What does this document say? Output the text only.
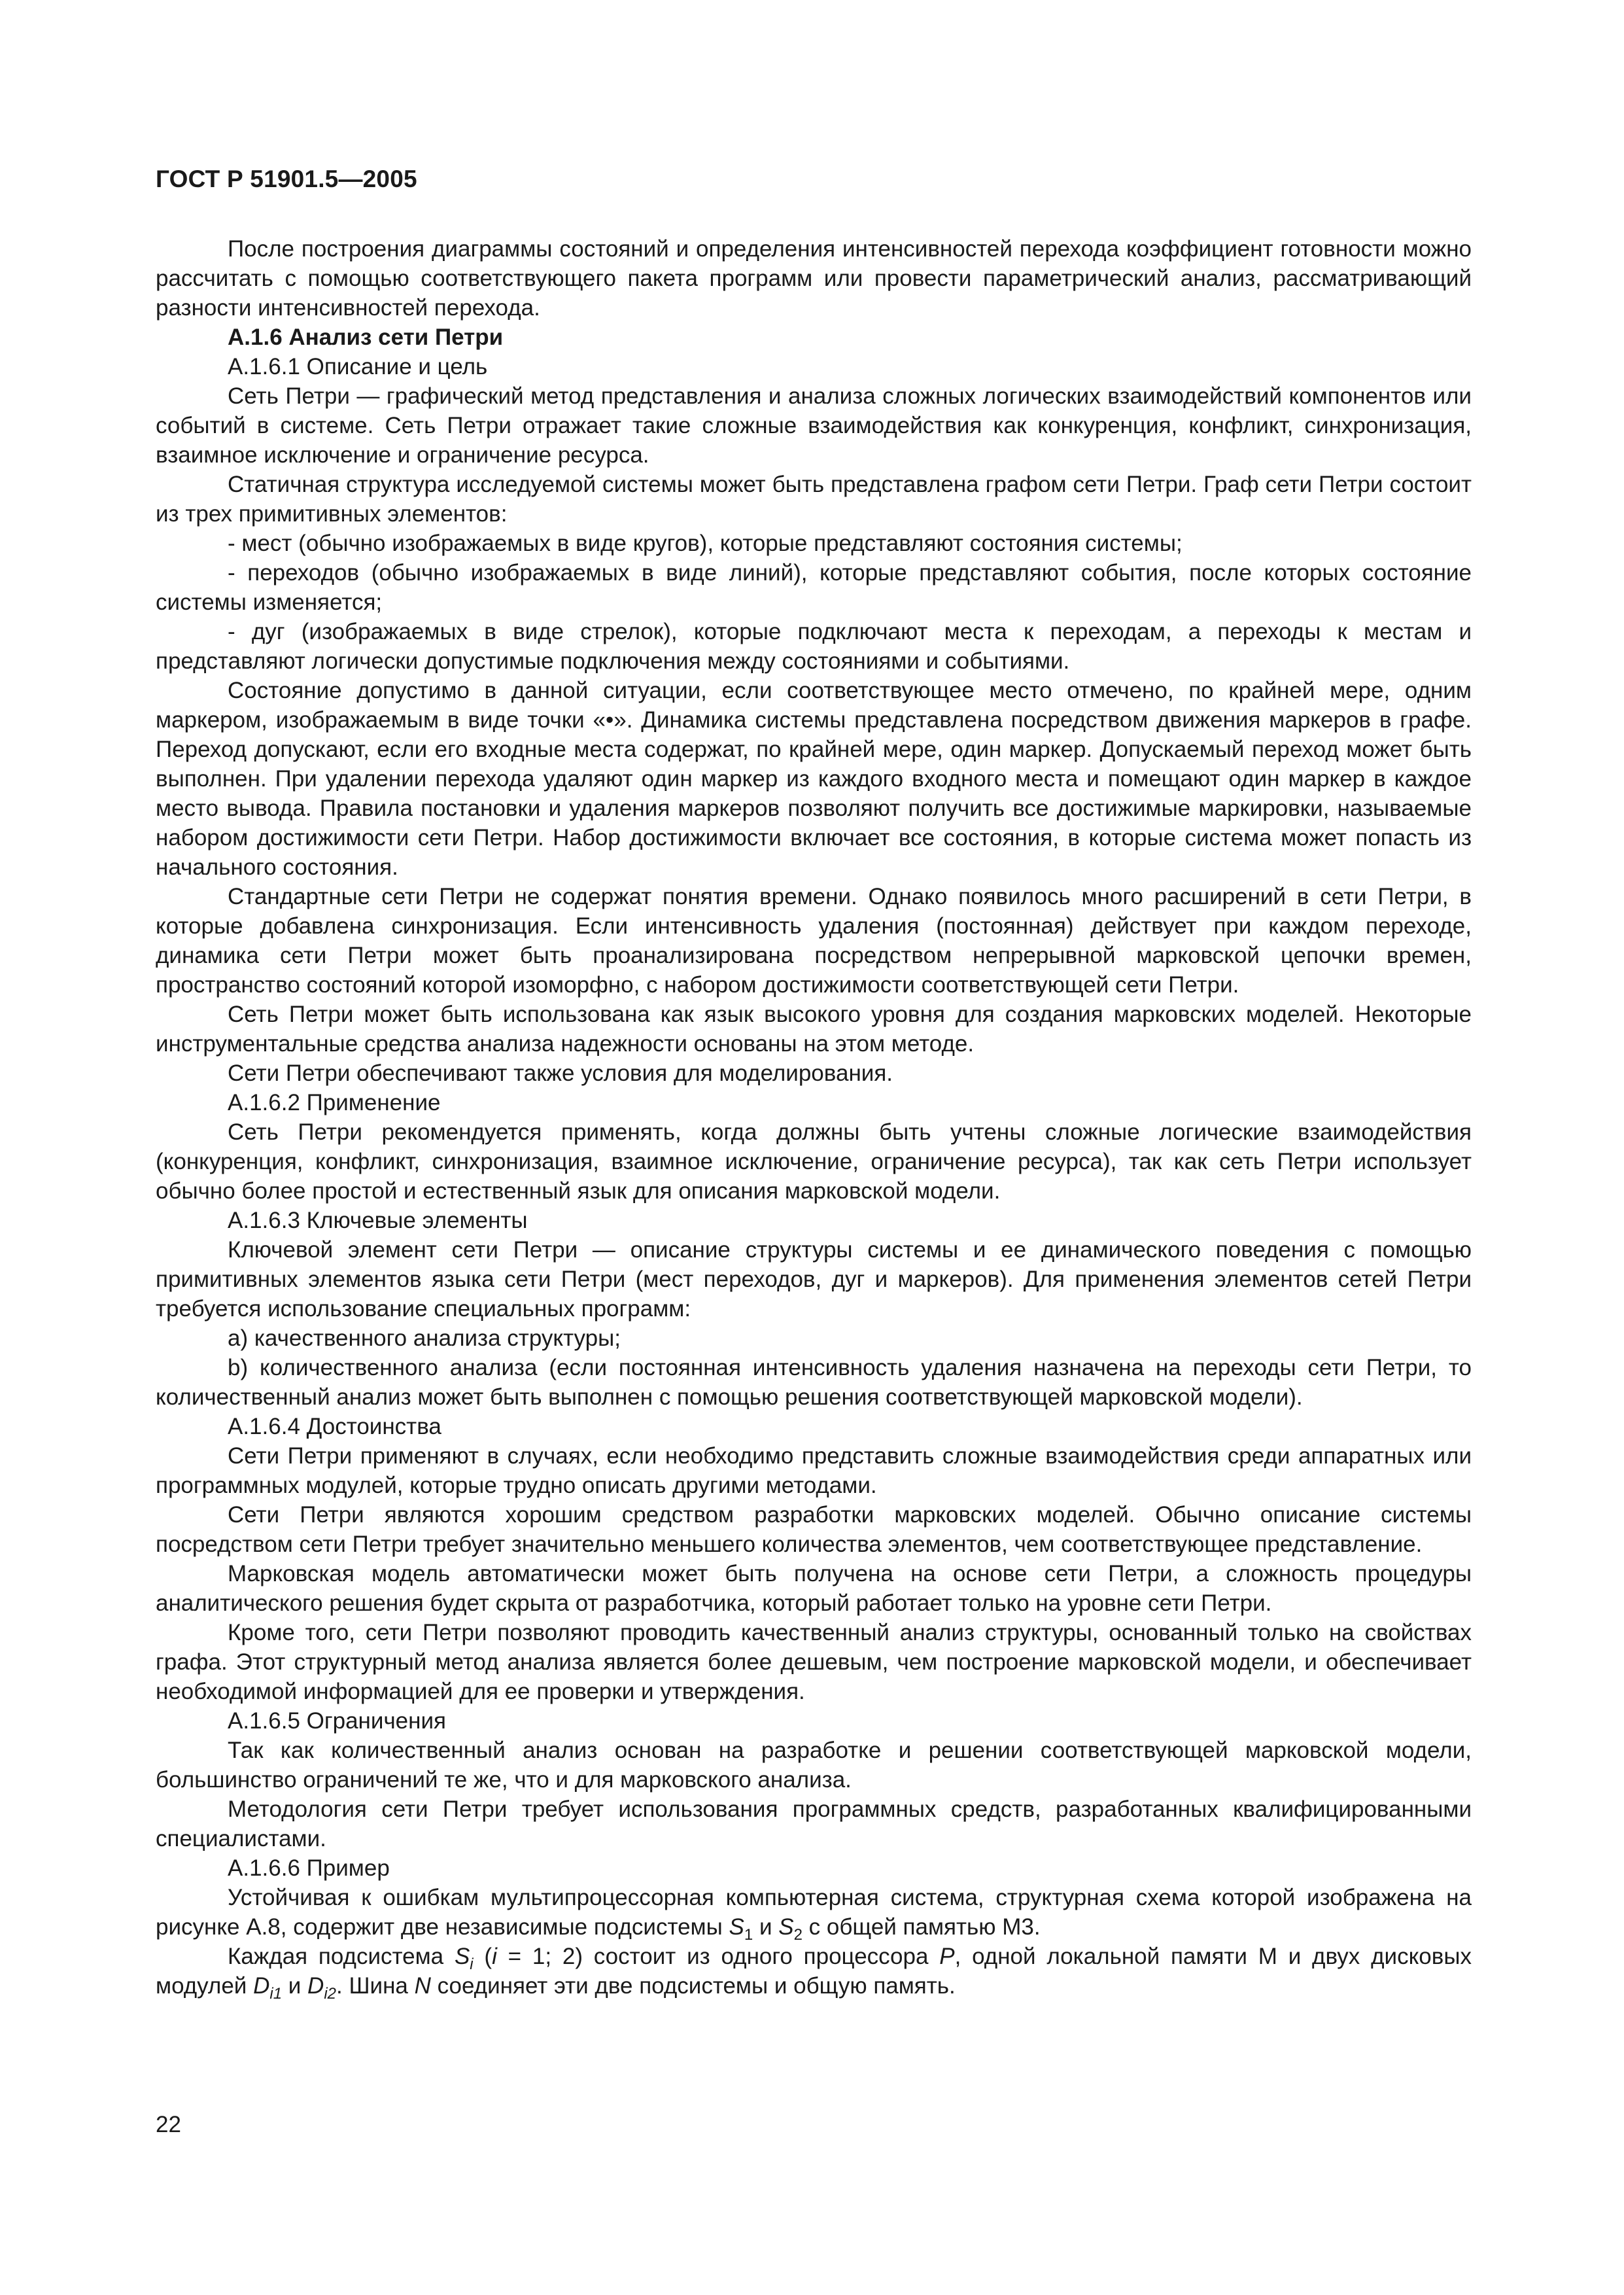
ГОСТ Р 51901.5—2005

После построения диаграммы состояний и определения интенсивностей перехода коэффициент готовности можно рассчитать с помощью соответствующего пакета программ или провести параметрический анализ, рассматривающий разности интенсивностей перехода.

А.1.6 Анализ сети Петри

А.1.6.1 Описание и цель

Сеть Петри — графический метод представления и анализа сложных логических взаимодействий компонентов или событий в системе. Сеть Петри отражает такие сложные взаимодействия как конкуренция, конфликт, синхронизация, взаимное исключение и ограничение ресурса.

Статичная структура исследуемой системы может быть представлена графом сети Петри. Граф сети Петри состоит из трех примитивных элементов:

- мест (обычно изображаемых в виде кругов), которые представляют состояния системы;

- переходов (обычно изображаемых в виде линий), которые представляют события, после которых состояние системы изменяется;

- дуг (изображаемых в виде стрелок), которые подключают места к переходам, а переходы к местам и представляют логически допустимые подключения между состояниями и событиями.

Состояние допустимо в данной ситуации, если соответствующее место отмечено, по крайней мере, одним маркером, изображаемым в виде точки «•». Динамика системы представлена посредством движения маркеров в графе. Переход допускают, если его входные места содержат, по крайней мере, один маркер. Допускаемый переход может быть выполнен. При удалении перехода удаляют один маркер из каждого входного места и помещают один маркер в каждое место вывода. Правила постановки и удаления маркеров позволяют получить все достижимые маркировки, называемые набором достижимости сети Петри. Набор достижимости включает все состояния, в которые система может попасть из начального состояния.

Стандартные сети Петри не содержат понятия времени. Однако появилось много расширений в сети Петри, в которые добавлена синхронизация. Если интенсивность удаления (постоянная) действует при каждом переходе, динамика сети Петри может быть проанализирована посредством непрерывной марковской цепочки времен, пространство состояний которой изоморфно, с набором достижимости соответствующей сети Петри.

Сеть Петри может быть использована как язык высокого уровня для создания марковских моделей. Некоторые инструментальные средства анализа надежности основаны на этом методе.

Сети Петри обеспечивают также условия для моделирования.

А.1.6.2 Применение

Сеть Петри рекомендуется применять, когда должны быть учтены сложные логические взаимодействия (конкуренция, конфликт, синхронизация, взаимное исключение, ограничение ресурса), так как сеть Петри использует обычно более простой и естественный язык для описания марковской модели.

А.1.6.3 Ключевые элементы

Ключевой элемент сети Петри — описание структуры системы и ее динамического поведения с помощью примитивных элементов языка сети Петри (мест переходов, дуг и маркеров). Для применения элементов сетей Петри требуется использование специальных программ:

а) качественного анализа структуры;

b) количественного анализа (если постоянная интенсивность удаления назначена на переходы сети Петри, то количественный анализ может быть выполнен с помощью решения соответствующей марковской модели).

А.1.6.4 Достоинства

Сети Петри применяют в случаях, если необходимо представить сложные взаимодействия среди аппаратных или программных модулей, которые трудно описать другими методами.

Сети Петри являются хорошим средством разработки марковских моделей. Обычно описание системы посредством сети Петри требует значительно меньшего количества элементов, чем соответствующее представление.

Марковская модель автоматически может быть получена на основе сети Петри, а сложность процедуры аналитического решения будет скрыта от разработчика, который работает только на уровне сети Петри.

Кроме того, сети Петри позволяют проводить качественный анализ структуры, основанный только на свойствах графа. Этот структурный метод анализа является более дешевым, чем построение марковской модели, и обеспечивает необходимой информацией для ее проверки и утверждения.

А.1.6.5 Ограничения

Так как количественный анализ основан на разработке и решении соответствующей марковской модели, большинство ограничений те же, что и для марковского анализа.

Методология сети Петри требует использования программных средств, разработанных квалифицированными специалистами.

А.1.6.6 Пример

Устойчивая к ошибкам мультипроцессорная компьютерная система, структурная схема которой изображена на рисунке А.8, содержит две независимые подсистемы $S_1$ и $S_2$ с общей памятью М3.

Каждая подсистема $S_i$ (i = 1; 2) состоит из одного процессора P, одной локальной памяти М и двух дисковых модулей $D_{i1}$ и $D_{i2}$. Шина N соединяет эти две подсистемы и общую память.

22
